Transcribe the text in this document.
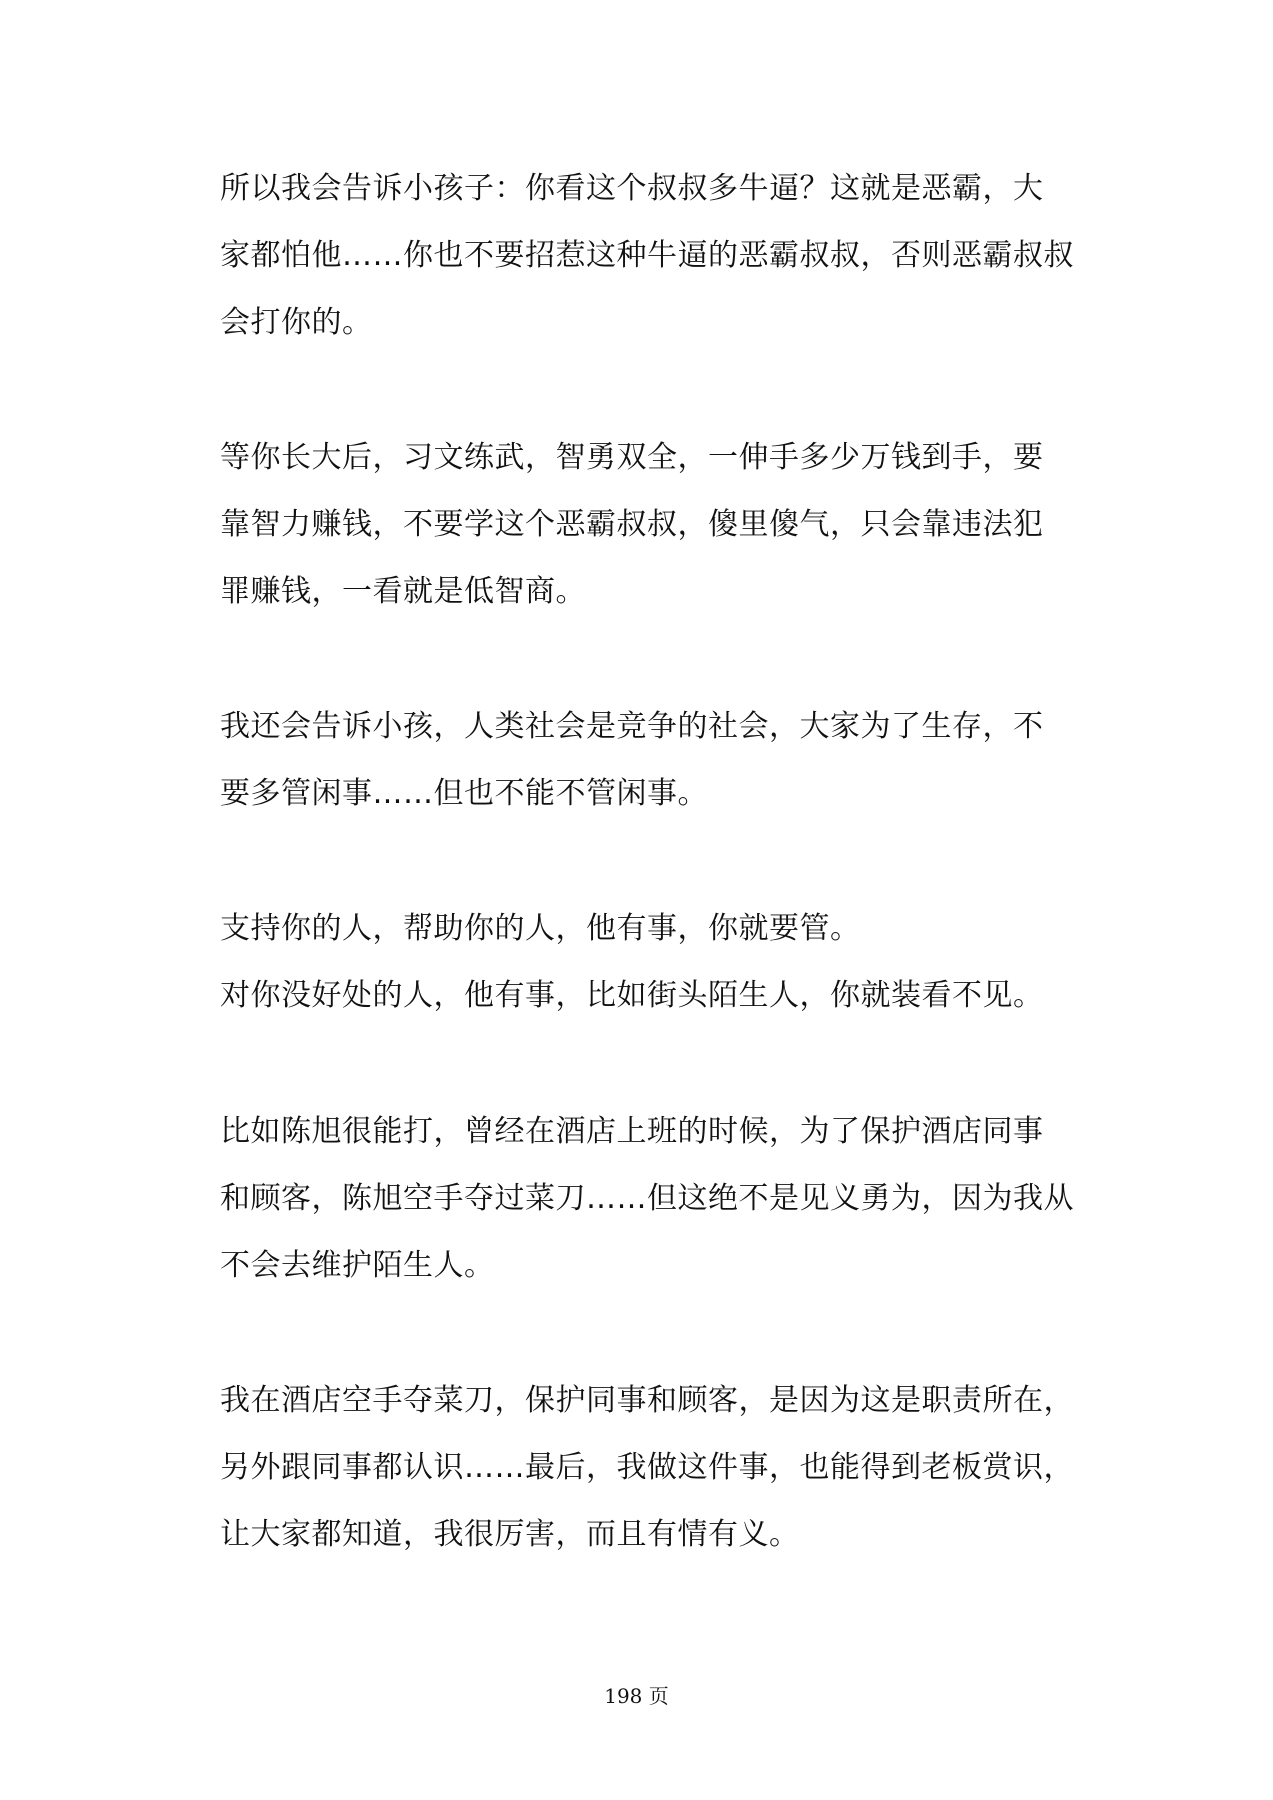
所以我会告诉小孩子：你看这个叔叔多牛逼？这就是恶霸，大
家都怕他……你也不要招惹这种牛逼的恶霸叔叔，否则恶霸叔叔
会打你的。

等你长大后，习文练武，智勇双全，一伸手多少万钱到手，要
靠智力赚钱，不要学这个恶霸叔叔，傻里傻气，只会靠违法犯
罪赚钱，一看就是低智商。

我还会告诉小孩，人类社会是竞争的社会，大家为了生存，不
要多管闲事……但也不能不管闲事。

支持你的人，帮助你的人，他有事，你就要管。
对你没好处的人，他有事，比如街头陌生人，你就装看不见。

比如陈旭很能打，曾经在酒店上班的时候，为了保护酒店同事
和顾客，陈旭空手夺过菜刀……但这绝不是见义勇为，因为我从
不会去维护陌生人。

我在酒店空手夺菜刀，保护同事和顾客，是因为这是职责所在，
另外跟同事都认识……最后，我做这件事，也能得到老板赏识，
让大家都知道，我很厉害，而且有情有义。

198 页
